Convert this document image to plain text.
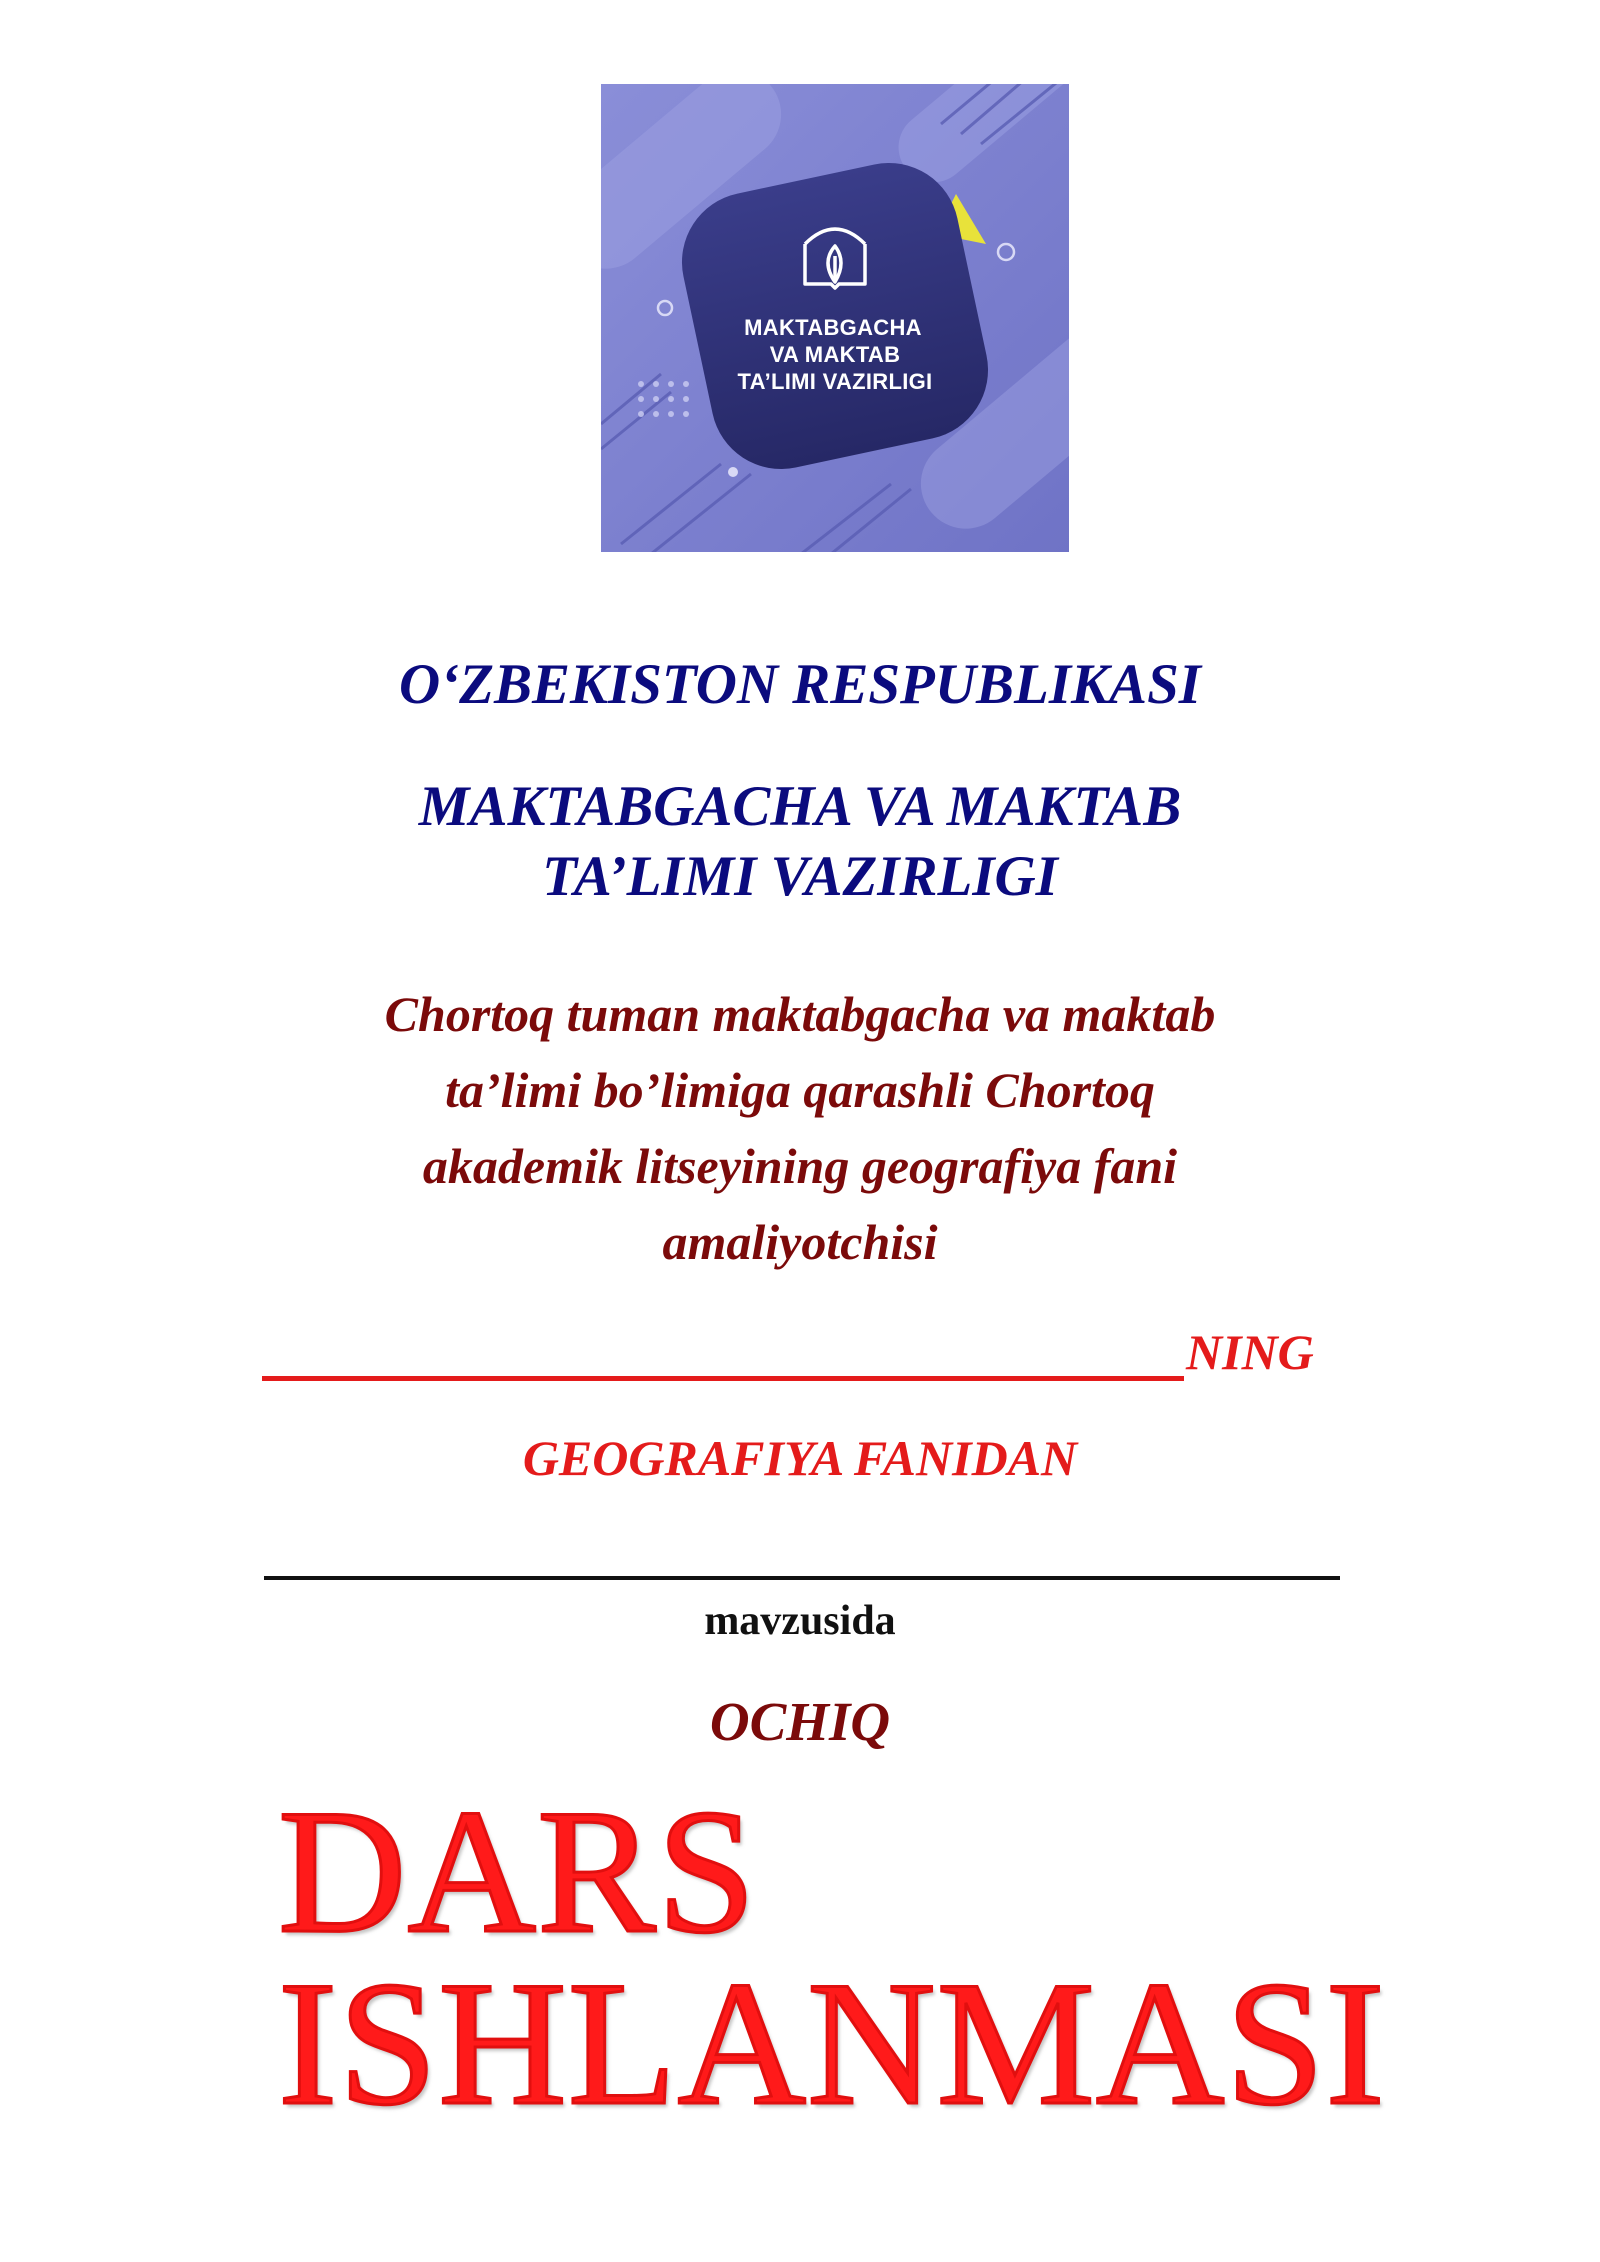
MAKTABGACHA
VA MAKTAB
TA’LIMI VAZIRLIGI

O‘ZBEKISTON RESPUBLIKASI

MAKTABGACHA VA MAKTAB

TA’LIMI VAZIRLIGI

Chortoq tuman maktabgacha va maktab

ta’limi bo’limiga qarashli Chortoq

akademik litseyining geografiya fani

amaliyotchisi

NING

GEOGRAFIYA FANIDAN

mavzusida

OCHIQ

DARS
ISHLANMASI
